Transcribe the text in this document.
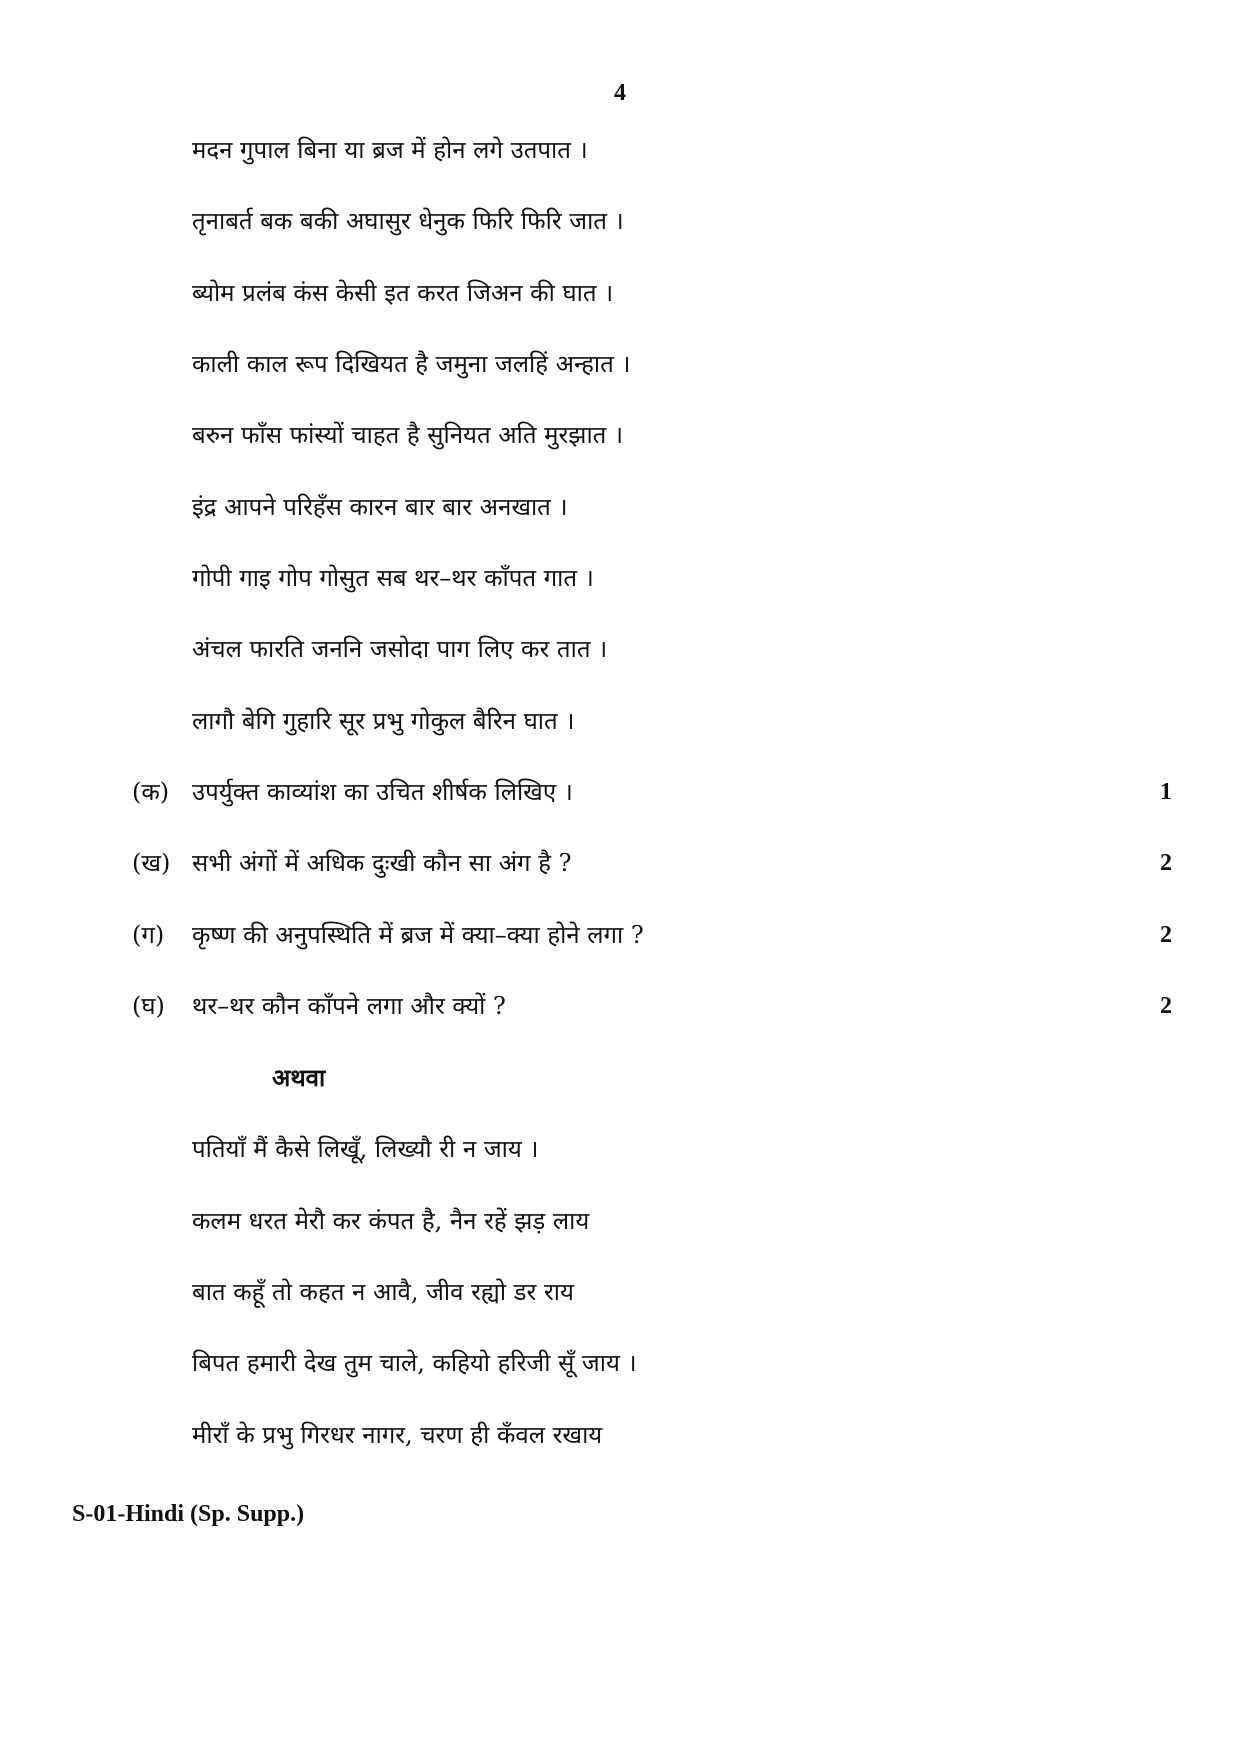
4
मदन गुपाल बिना या ब्रज में होन लगे उतपात ।
तृनाबर्त बक बकी अघासुर धेनुक फिरि फिरि जात ।
ब्योम प्रलंब कंस केसी इत करत जिअन की घात ।
काली काल रूप दिखियत है जमुना जलहिं अन्हात ।
बरुन फाँस फांस्यों चाहत है सुनियत अति मुरझात ।
इंद्र आपने परिहँस कारन बार बार अनखात ।
गोपी गाइ गोप गोसुत सब थर–थर काँपत गात ।
अंचल फारति जननि जसोदा पाग लिए कर तात ।
लागौ बेगि गुहारि सूर प्रभु गोकुल बैरिन घात ।
(क) उपर्युक्त काव्यांश का उचित शीर्षक लिखिए ।	1
(ख) सभी अंगों में अधिक दुःखी कौन सा अंग है ?	2
(ग) कृष्ण की अनुपस्थिति में ब्रज में क्या–क्या होने लगा ?	2
(घ) थर–थर कौन काँपने लगा और क्यों ?	2
अथवा
पतियाँ मैं कैसे लिखूँ, लिख्यौ री न जाय ।
कलम धरत मेरौ कर कंपत है, नैन रहें झड़ लाय
बात कहूँ तो कहत न आवै, जीव रह्यो डर राय
बिपत हमारी देख तुम चाले, कहियो हरिजी सूँ जाय ।
मीराँ के प्रभु गिरधर नागर, चरण ही कँवल रखाय
S-01-Hindi (Sp. Supp.)
